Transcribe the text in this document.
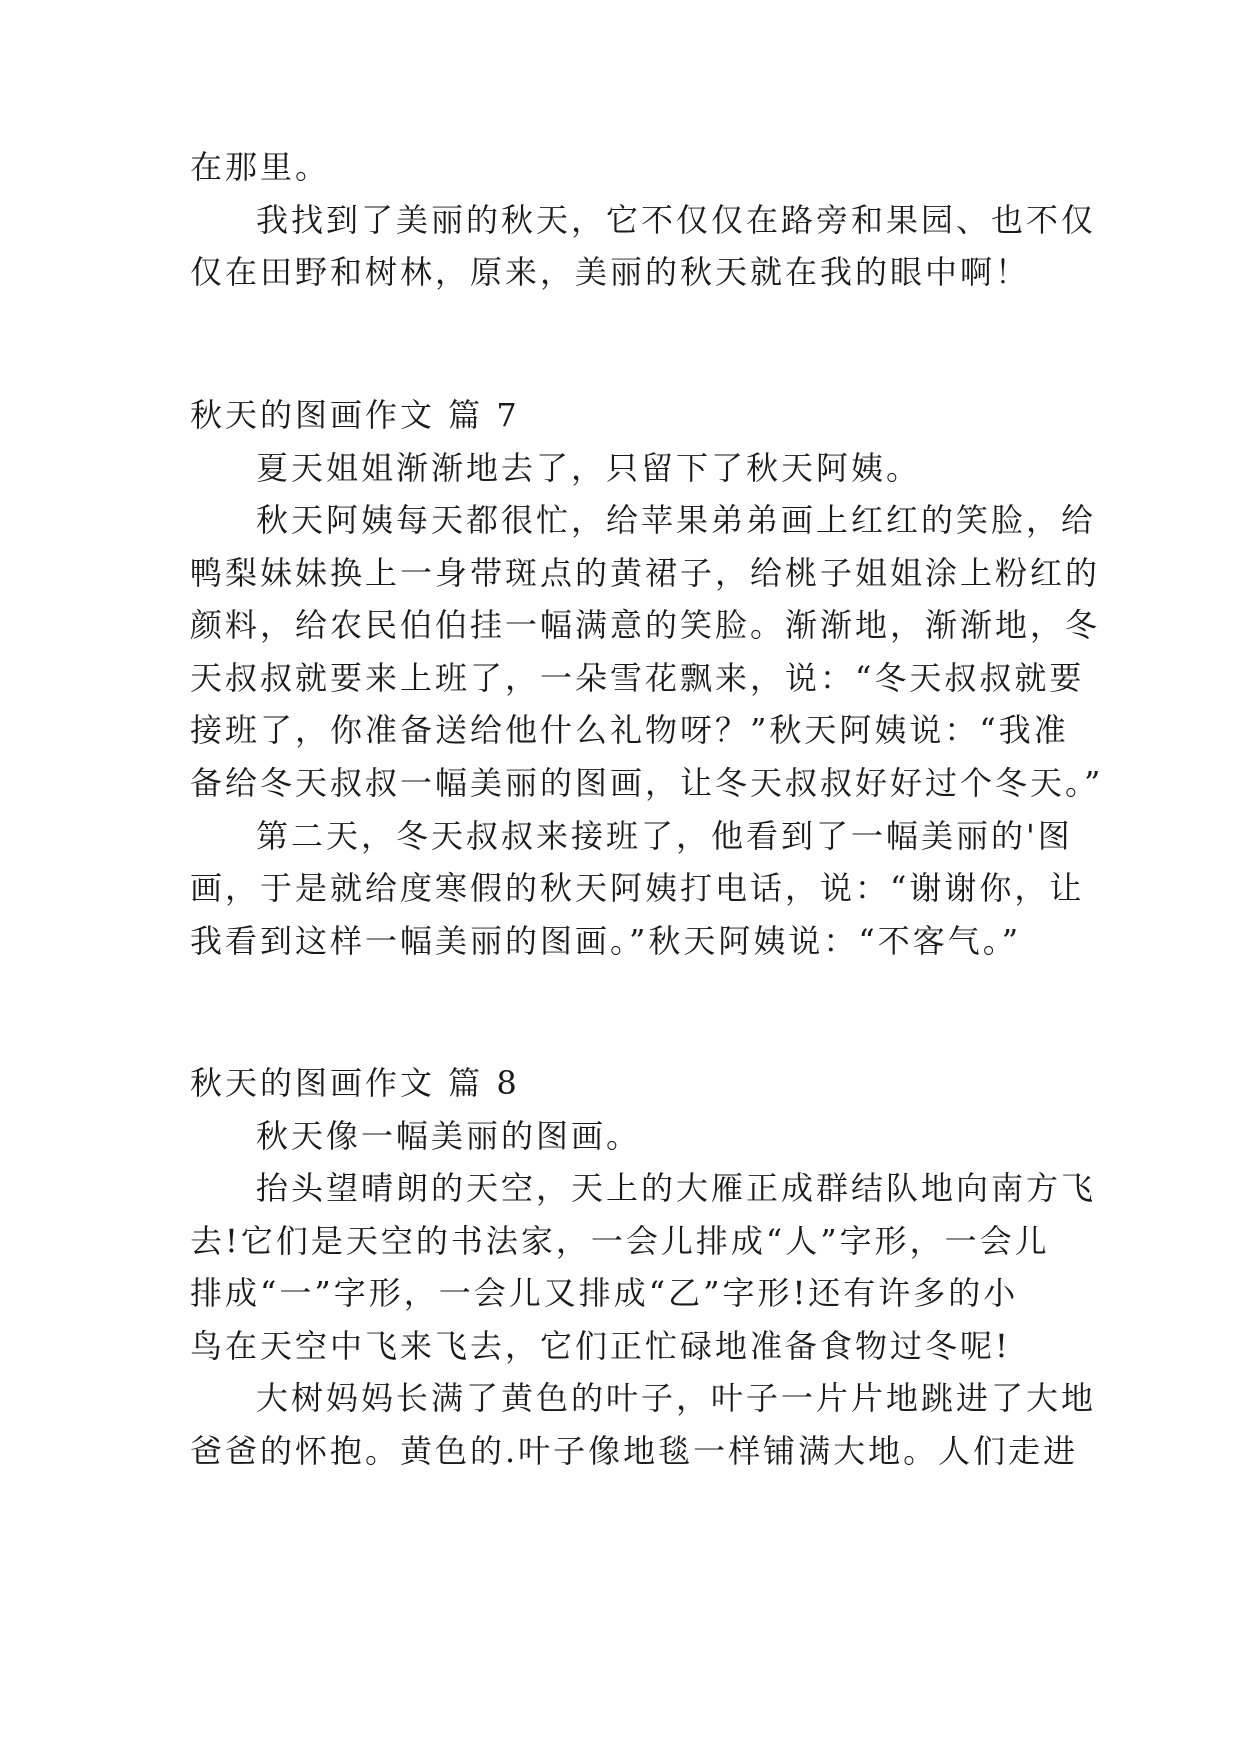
在那里。
我找到了美丽的秋天，它不仅仅在路旁和果园、也不仅
仅在田野和树林，原来，美丽的秋天就在我的眼中啊！
秋天的图画作文 篇 7
夏天姐姐渐渐地去了，只留下了秋天阿姨。
秋天阿姨每天都很忙，给苹果弟弟画上红红的笑脸，给
鸭梨妹妹换上一身带斑点的黄裙子，给桃子姐姐涂上粉红的
颜料，给农民伯伯挂一幅满意的笑脸。渐渐地，渐渐地，冬
天叔叔就要来上班了，一朵雪花飘来，说：“冬天叔叔就要
接班了，你准备送给他什么礼物呀？”秋天阿姨说：“我准
备给冬天叔叔一幅美丽的图画，让冬天叔叔好好过个冬天。”
第二天，冬天叔叔来接班了，他看到了一幅美丽的'图
画，于是就给度寒假的秋天阿姨打电话，说：“谢谢你，让
我看到这样一幅美丽的图画。”秋天阿姨说：“不客气。”
秋天的图画作文 篇 8
秋天像一幅美丽的图画。
抬头望晴朗的天空，天上的大雁正成群结队地向南方飞
去!它们是天空的书法家，一会儿排成“人”字形，一会儿
排成“一”字形，一会儿又排成“乙”字形!还有许多的小
鸟在天空中飞来飞去，它们正忙碌地准备食物过冬呢!
大树妈妈长满了黄色的叶子，叶子一片片地跳进了大地
爸爸的怀抱。黄色的.叶子像地毯一样铺满大地。人们走进
